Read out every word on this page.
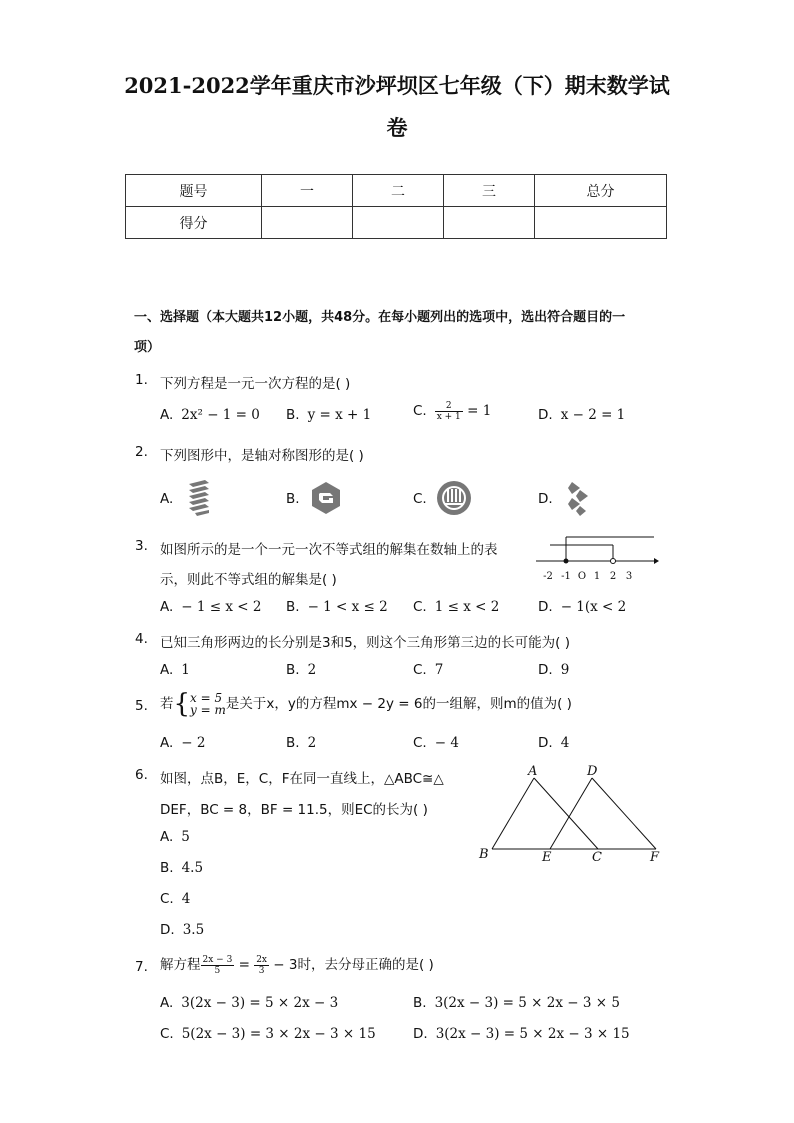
2021-2022学年重庆市沙坪坝区七年级（下）期末数学试
卷
题号	一	二	三	总分
得分				
一、选择题（本大题共12小题，共48分。在每小题列出的选项中，选出符合题目的一
项）
1. 下列方程是一元一次方程的是( )
A. 2x² − 1 = 0 B. y = x + 1	C. $\frac{2}{x + 1} = 1$	D. x − 2 = 1
2. 下列图形中，是轴对称图形的是( )
A.	B.	C.	D.
3. 如图所示的是一个一元一次不等式组的解集在数轴上的表
示，则此不等式组的解集是( )	-2 -1 O 1 2 3
A. − 1 ≤ x < 2 B. − 1 < x ≤ 2 C. 1 ≤ x < 2	D. − 1(x < 2
4. 已知三角形两边的长分别是3和5，则这个三角形第三边的长可能为( )
A. 1	B. 2	C. 7	D. 9
5. 若{ x = 5
y = m 是关于x，y的方程mx − 2y = 6的一组解，则m的值为( )
A. − 2	B. 2	C. − 4	D. 4
6. 如图，点B，E，C，F在同一直线上，△ABC≅△
DEF，BC = 8，BF = 11.5，则EC的长为( )
A	D
B	E	C	F
A. 5
B. 4.5
C. 4
D. 3.5
7. 解方程 $\frac{2x - 3}{5} = \frac{2x}{3} - 3$时，去分母正确的是( )
A. 3(2x − 3) = 5 × 2x − 3	B. 3(2x − 3) = 5 × 2x − 3 × 5
C. 5(2x − 3) = 3 × 2x − 3 × 15	D. 3(2x − 3) = 5 × 2x − 3 × 15
